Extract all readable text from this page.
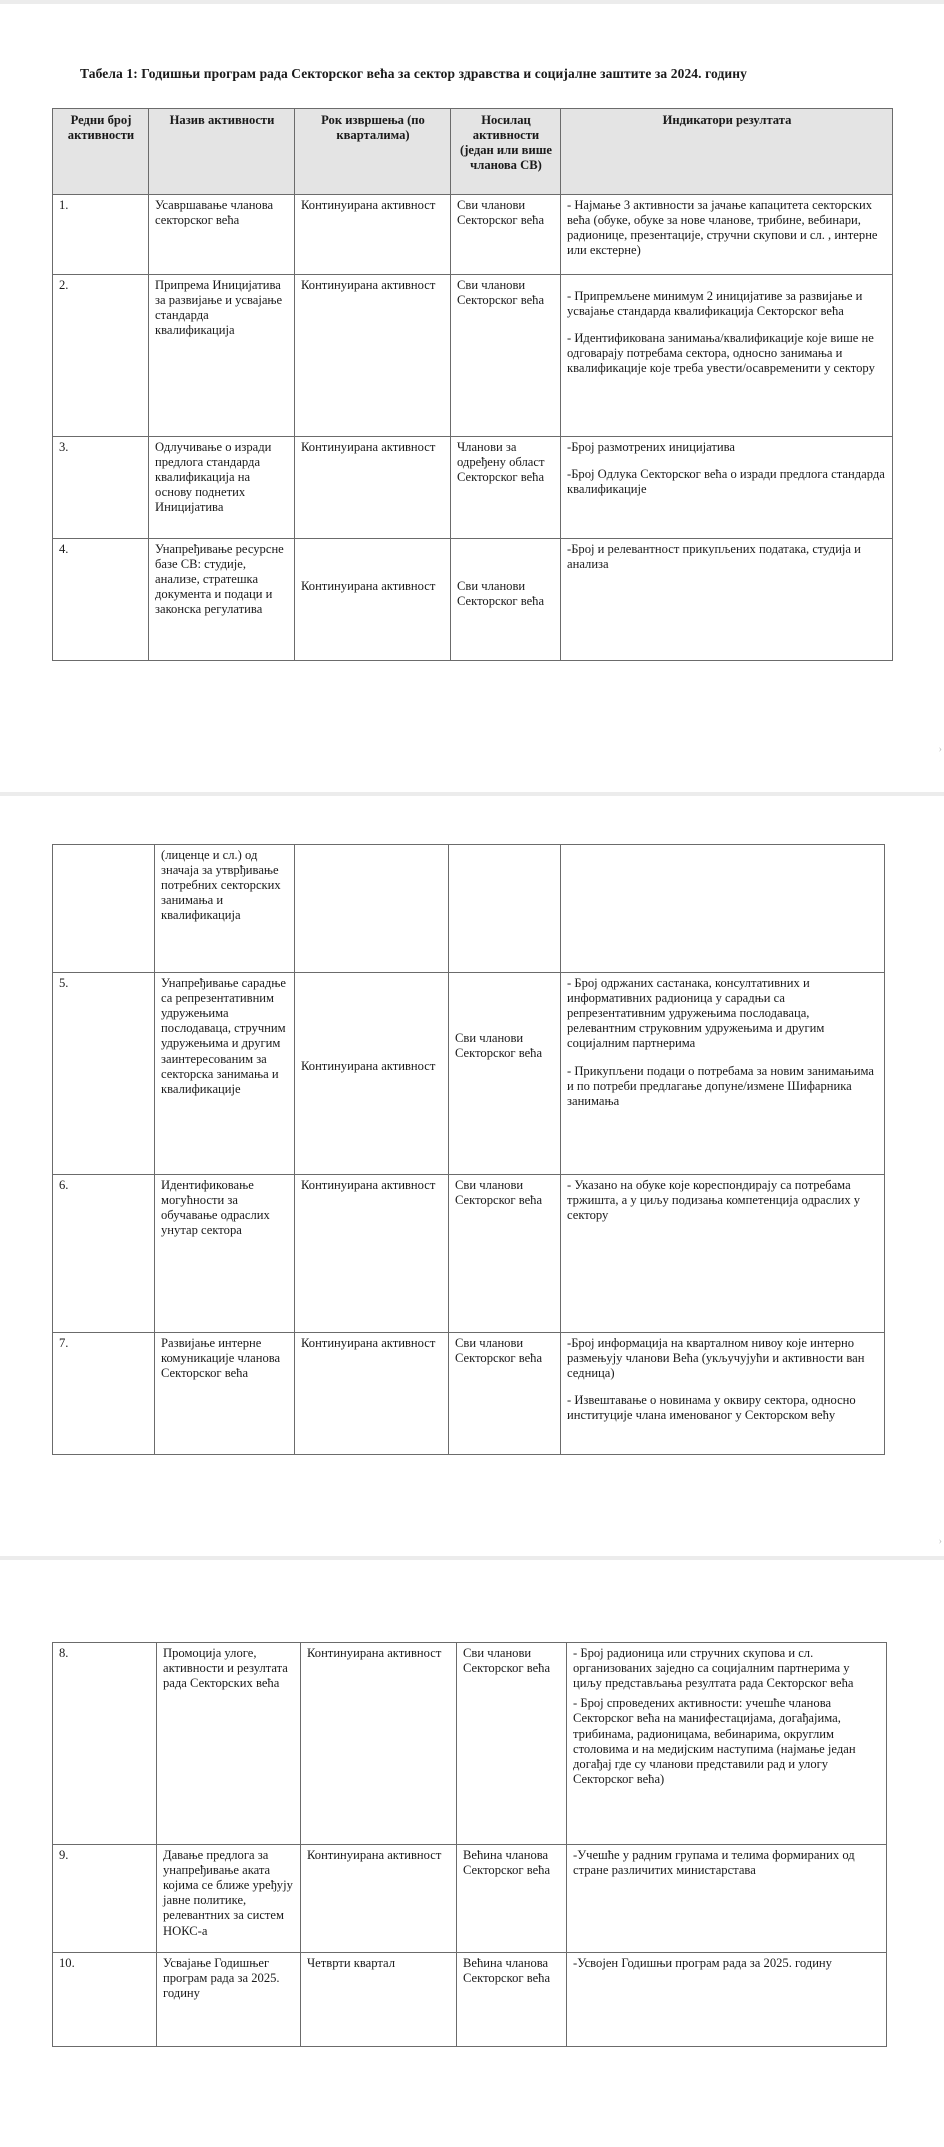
Табела 1: Годишњи програм рада Секторског већа за сектор здравства и социјалне заштите за 2024. годину
Редни број активности	Назив активности	Рок извршења (по кварталима)	Носилац активности (један или више чланова СВ)	Индикатори резултата
1.	Усавршавање чланова секторског већа	Континуирана активност	Сви чланови Секторског већа	- Најмање 3 активности за јачање капацитета секторских већа (обуке, обуке за нове чланове, трибине, вебинари, радионице, презентације, стручни скупови и сл. , интерне или екстерне)

2.	Припрема Иницијатива за развијање и усвајање стандарда квалификација	Континуирана активност	Сви чланови Секторског већа	- Припремљене минимум 2 иницијативе за развијање и усвајање стандарда квалификација Секторског већа
- Идентификована занимања/квалификације које више не одговарају потребама сектора, односно занимања и квалификације које треба увести/осавременити у сектору

3.	Одлучивање о изради предлога стандарда квалификација на основу поднетих Иницијатива	Континуирана активност	Чланови за одређену област Секторског већа	-Број размотрених иницијатива
-Број Одлука Секторског већа о изради предлога стандарда квалификације

4.	Унапређивање ресурсне базе СВ: студије, анализе, стратешка документа и подаци и законска регулатива	Континуирана активност	Сви чланови Секторског већа	-Број и релевантност прикупљених података, студија и анализа
›
	(лиценце и сл.) од значаја за утврђивање потребних секторских занимања и квалификација			
5.	Унапређивање сарадње са репрезентативним удружењима послодаваца, стручним удружењима и другим заинтересованим за секторска занимања и квалификације	Континуирана активност	Сви чланови Секторског већа	- Број одржаних састанака, консултативних и информативних радионица у сарадњи са репрезентативним удружењима послодаваца, релевантним струковним удружењима и другим социјалним партнерима
- Прикупљени подаци о потребама за новим занимањима и по потреби предлагање допуне/измене Шифарника занимања

6.	Идентификовање могућности за обучавање одраслих унутар сектора	Континуирана активност	Сви чланови Секторског већа	- Указано на обуке које кореспондирају са потребама тржишта, а у циљу подизања компетенција одраслих у сектору

7.	Развијање интерне комуникације чланова Секторског већа	Континуирана активност	Сви чланови Секторског већа	-Број информација на кварталном нивоу које интерно размењују чланови Већа (укључујући и активности ван седница)
- Извештавање о новинама у оквиру сектора, односно институције члана именованог у Секторском већу
›
8.	Промоција улоге, активности и резултата рада Секторских већа	Континуирана активност	Сви чланови Секторског већа	- Број радионица или стручних скупова и сл. организованих заједно са социјалним партнерима у циљу представљања резултата рада Секторског већа
- Број спроведених активности: учешће чланова Секторског већа на манифестацијама, догађајима, трибинама, радионицама, вебинарима, округлим столовима и на медијским наступима (најмање један догађај где су чланови представили рад и улогу Секторског већа)

9.	Давање предлога за унапређивање аката којима се ближе уређују јавне политике, релевантних за систем НОКС-а	Континуирана активност	Већина чланова Секторског већа	-Учешће у радним групама и телима формираних од стране различитих министарстава

10.	Усвајање Годишњег програм рада за 2025. годину	Четврти квартал	Већина чланова Секторског већа	-Усвојен Годишњи програм рада за 2025. годину
